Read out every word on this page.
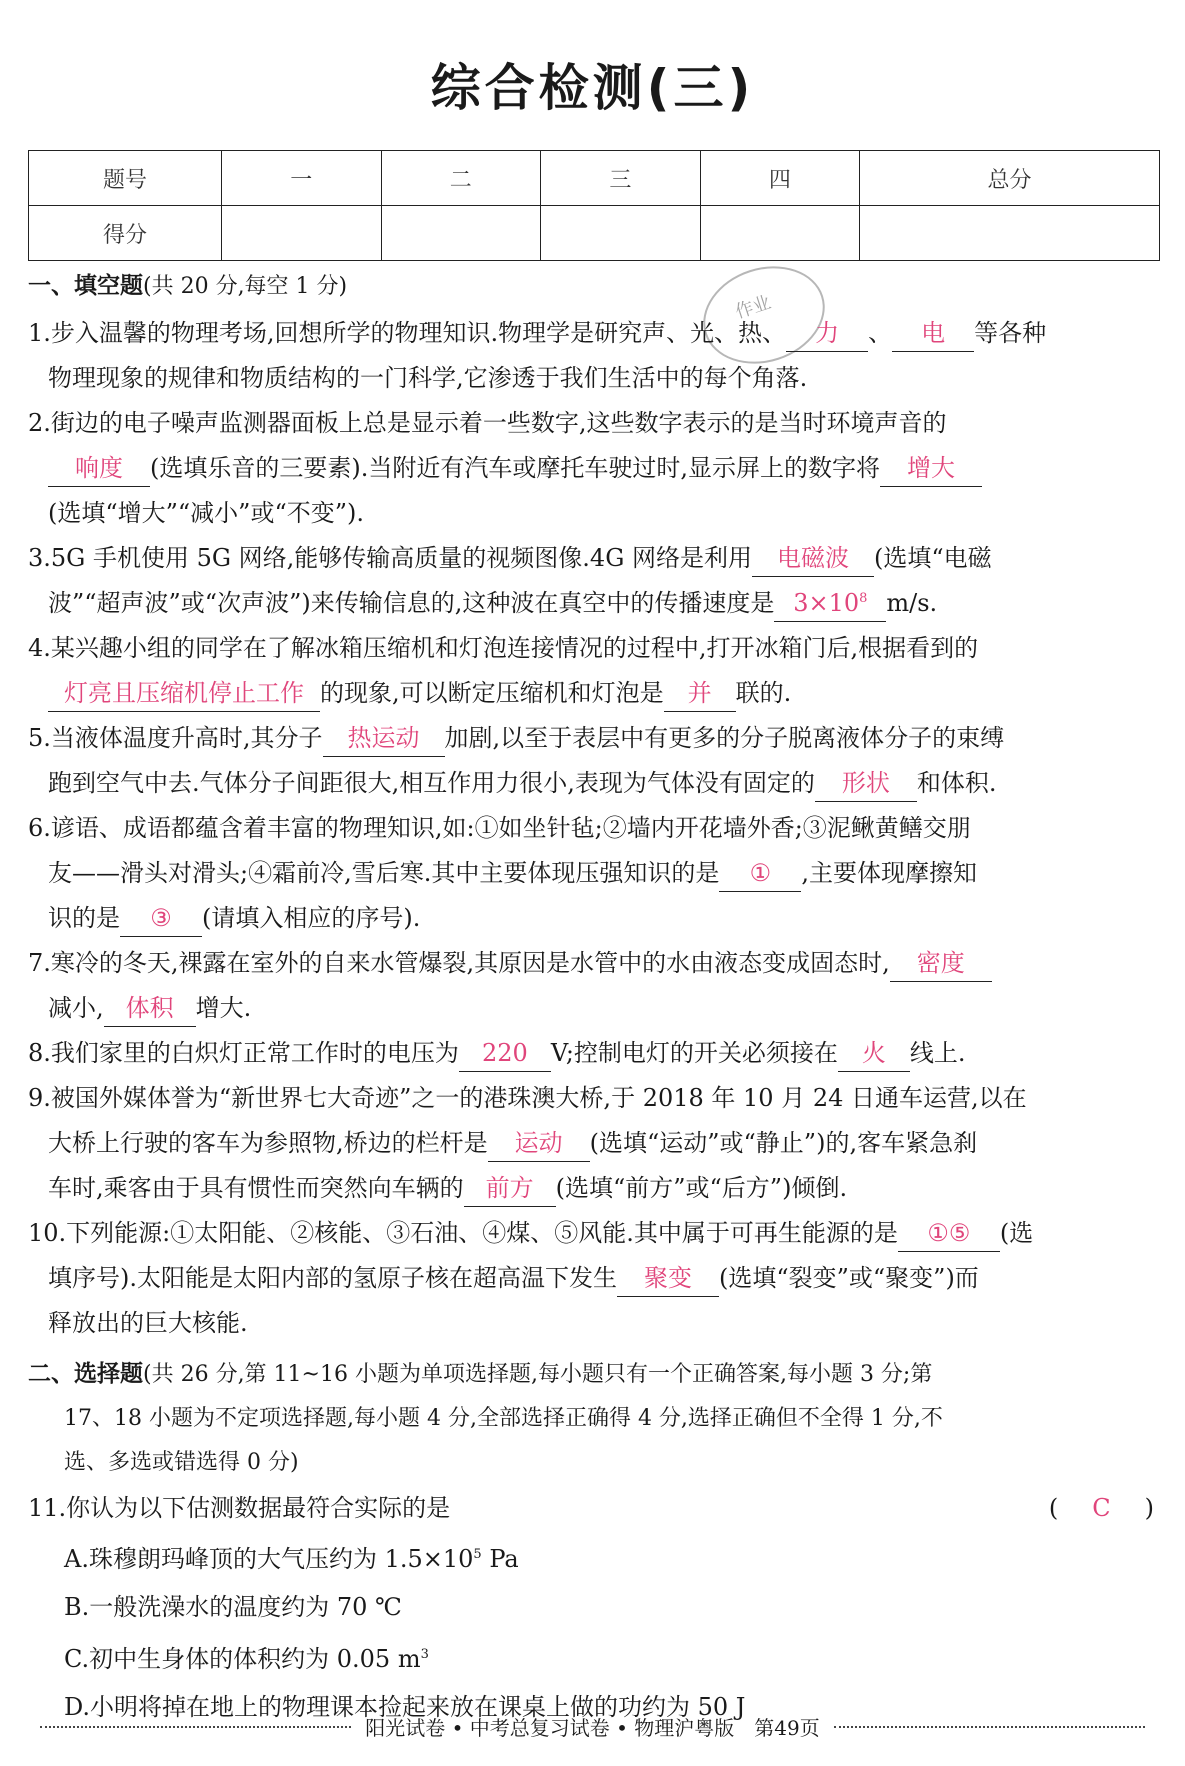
综合检测(三)
题号	一	二	三	四	总分
得分					
作业
一、填空题(共 20 分,每空 1 分)

1.步入温馨的物理考场,回想所学的物理知识.物理学是研究声、光、热、 力 、 电 等各种
物理现象的规律和物质结构的一门科学,它渗透于我们生活中的每个角落.

2.街边的电子噪声监测器面板上总是显示着一些数字,这些数字表示的是当时环境声音的
响度 (选填乐音的三要素).当附近有汽车或摩托车驶过时,显示屏上的数字将 增大
(选填“增大”“减小”或“不变”).

3.5G 手机使用 5G 网络,能够传输高质量的视频图像.4G 网络是利用 电磁波 (选填“电磁
波”“超声波”或“次声波”)来传输信息的,这种波在真空中的传播速度是 $3\times 10^8$ m/s.

4.某兴趣小组的同学在了解冰箱压缩机和灯泡连接情况的过程中,打开冰箱门后,根据看到的
灯亮且压缩机停止工作 的现象,可以断定压缩机和灯泡是 并 联的.

5.当液体温度升高时,其分子 热运动 加剧,以至于表层中有更多的分子脱离液体分子的束缚
跑到空气中去.气体分子间距很大,相互作用力很小,表现为气体没有固定的 形状 和体积.

6.谚语、成语都蕴含着丰富的物理知识,如:①如坐针毡;②墙内开花墙外香;③泥鳅黄鳝交朋
友——滑头对滑头;④霜前冷,雪后寒.其中主要体现压强知识的是 ① ,主要体现摩擦知
识的是 ③ (请填入相应的序号).

7.寒冷的冬天,裸露在室外的自来水管爆裂,其原因是水管中的水由液态变成固态时, 密度
减小, 体积 增大.

8.我们家里的白炽灯正常工作时的电压为 220 V;控制电灯的开关必须接在 火 线上.

9.被国外媒体誉为“新世界七大奇迹”之一的港珠澳大桥,于 2018 年 10 月 24 日通车运营,以在
大桥上行驶的客车为参照物,桥边的栏杆是 运动 (选填“运动”或“静止”)的,客车紧急刹
车时,乘客由于具有惯性而突然向车辆的 前方 (选填“前方”或“后方”)倾倒.

10.下列能源:①太阳能、②核能、③石油、④煤、⑤风能.其中属于可再生能源的是 ①⑤ (选
填序号).太阳能是太阳内部的氢原子核在超高温下发生 聚变 (选填“裂变”或“聚变”)而
释放出的巨大核能.

二、选择题(共 26 分,第 11~16 小题为单项选择题,每小题只有一个正确答案,每小题 3 分;第
17、18 小题为不定项选择题,每小题 4 分,全部选择正确得 4 分,选择正确但不全得 1 分,不
选、多选或错选得 0 分)
11.你认为以下估测数据最符合实际的是	( C )
A.珠穆朗玛峰顶的大气压约为 $1.5\times 10^5$ Pa
B.一般洗澡水的温度约为 70 ℃
C.初中生身体的体积约为 0.05 $m^3$
D.小明将掉在地上的物理课本捡起来放在课桌上做的功约为 50 J
阳光试卷 • 中考总复习试卷 • 物理沪粤版　第49页
